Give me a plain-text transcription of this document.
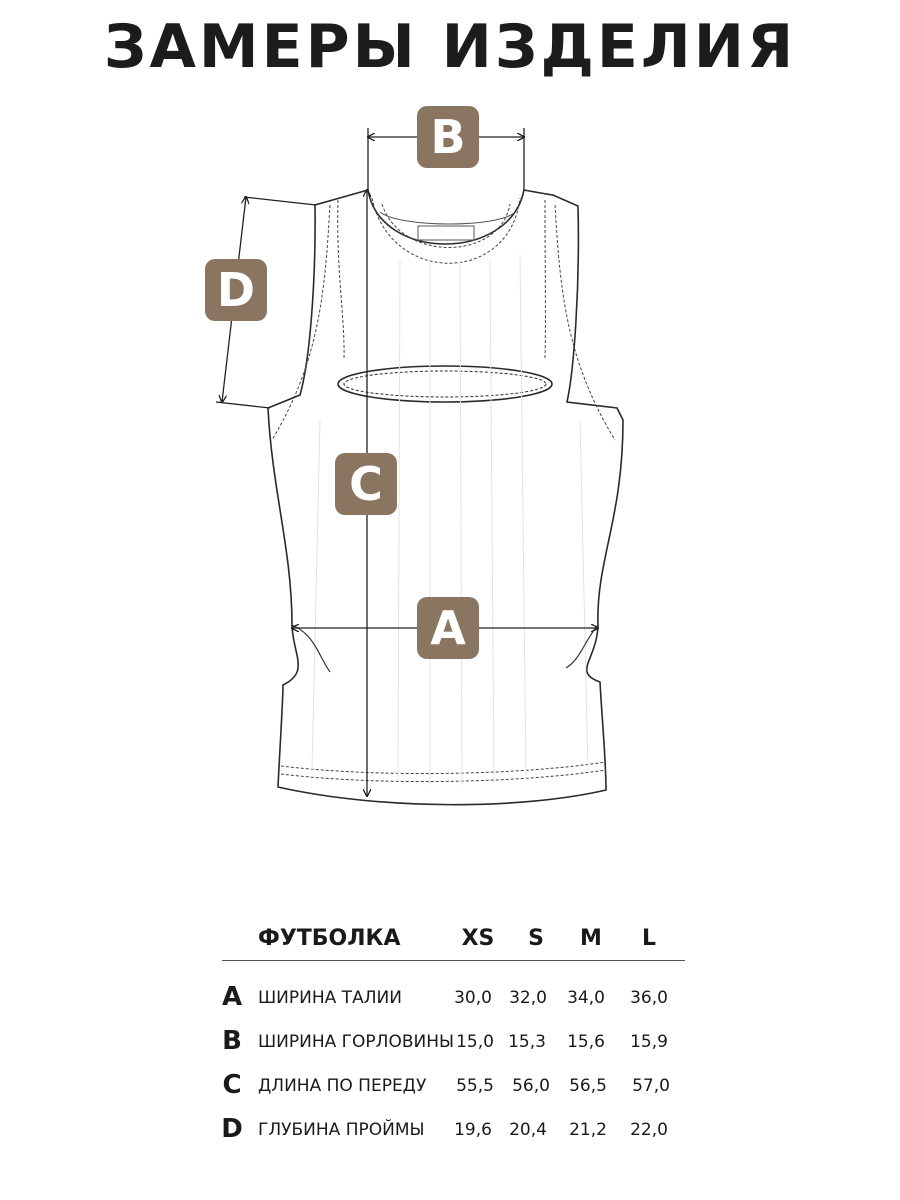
ЗАМЕРЫ ИЗДЕЛИЯ
B
D
C
A
ФУТБОЛКА	XS	S	M	L
A ШИРИНА ТАЛИИ	30,0	32,0	34,0	36,0
B ШИРИНА ГОРЛОВИНЫ 15,0 15,3	15,6	15,9
C ДЛИНА ПО ПЕРЕДУ	55,5	56,0	56,5	57,0
D ГЛУБИНА ПРОЙМЫ	19,6	20,4	21,2	22,0
